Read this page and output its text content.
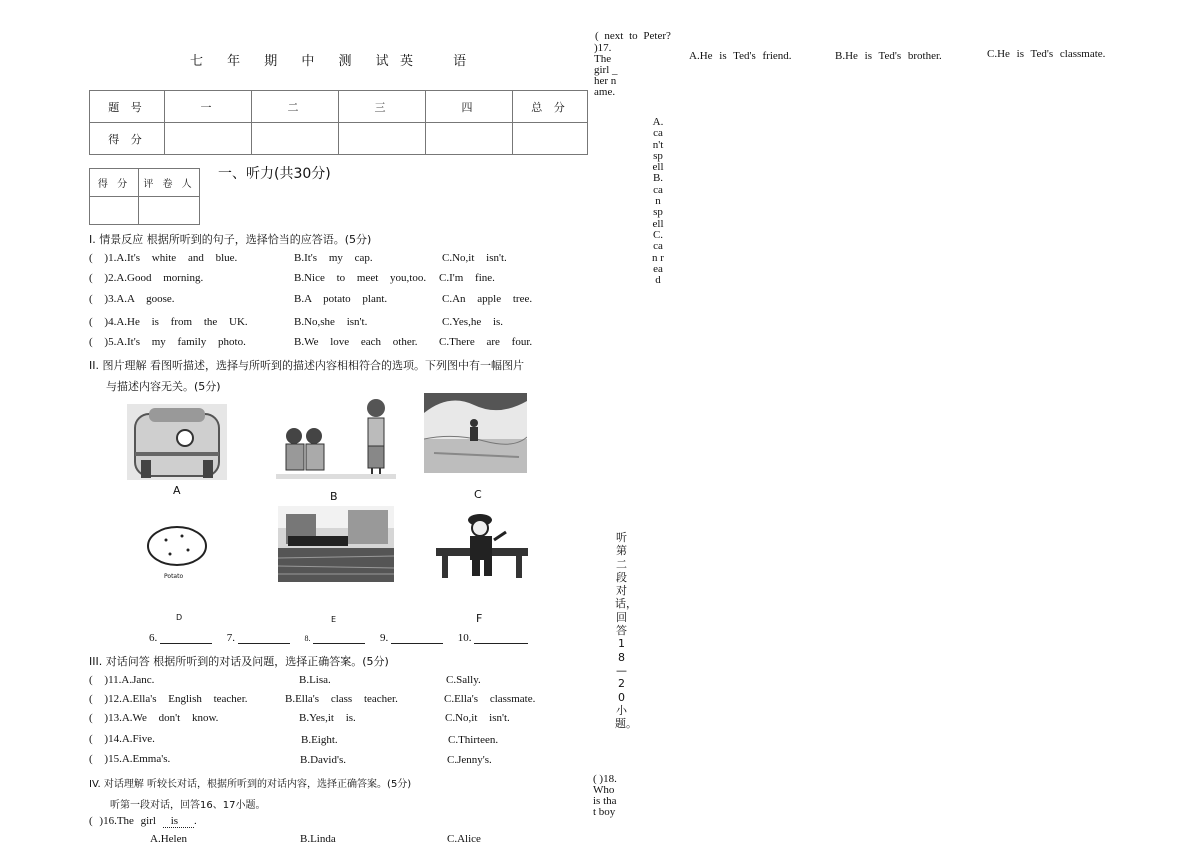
七 年 期 中 测 试 英 语
题 号	一	二	三	四	总 分
得 分					
得 分	评 卷 人

一、听力(共30分)
I. 情景反应 根据所听到的句子，选择恰当的应答语。(5分)
( )1.A.It's white and blue.	B.It's my cap.	C.No,it isn't.
( )2.A.Good morning.	B.Nice to meet you,too. C.I'm fine.
( )3.A.A goose.	B.A potato plant.	C.An apple tree.
( )4.A.He is from the UK.	B.No,she isn't.	C.Yes,he is.
( )5.A.It's my family photo.	B.We love each other. C.There are four.
II. 图片理解 看图听描述，选择与所听到的描述内容相相符合的选项。下列图中有一幅图片
与描述内容无关。(5分)
A	B	C
Potato
D	E	F
6.	7.	8.	9.	10.
III. 对话问答 根据所听到的对话及问题，选择正确答案。(5分)
( )11.A.Janc.	B.Lisa.	C.Sally.
( )12.A.Ella's English teacher.	B.Ella's class teacher.	C.Ella's classmate.
( )13.A.We don't know.	B.Yes,it is.	C.No,it isn't.
( )14.A.Five.	B.Eight.	C.Thirteen.
( )15.A.Emma's.	B.David's.	C.Jenny's.
IV. 对话理解 听较长对话，根据所听到的对话内容，选择正确答案。(5分)
听第一段对话，回答16、17小题。
( )16.The girl is .
A.Helen	B.Linda	C.Alice
( next to Peter?
)17. The girl _ her name.
A.He is Ted's friend.	B.He is Ted's brother.	C.He is Ted's classmate.
A.can't spell B.can spell C.can read
听第二段对话，回答18—20小题。
( )18. Who is that boy
